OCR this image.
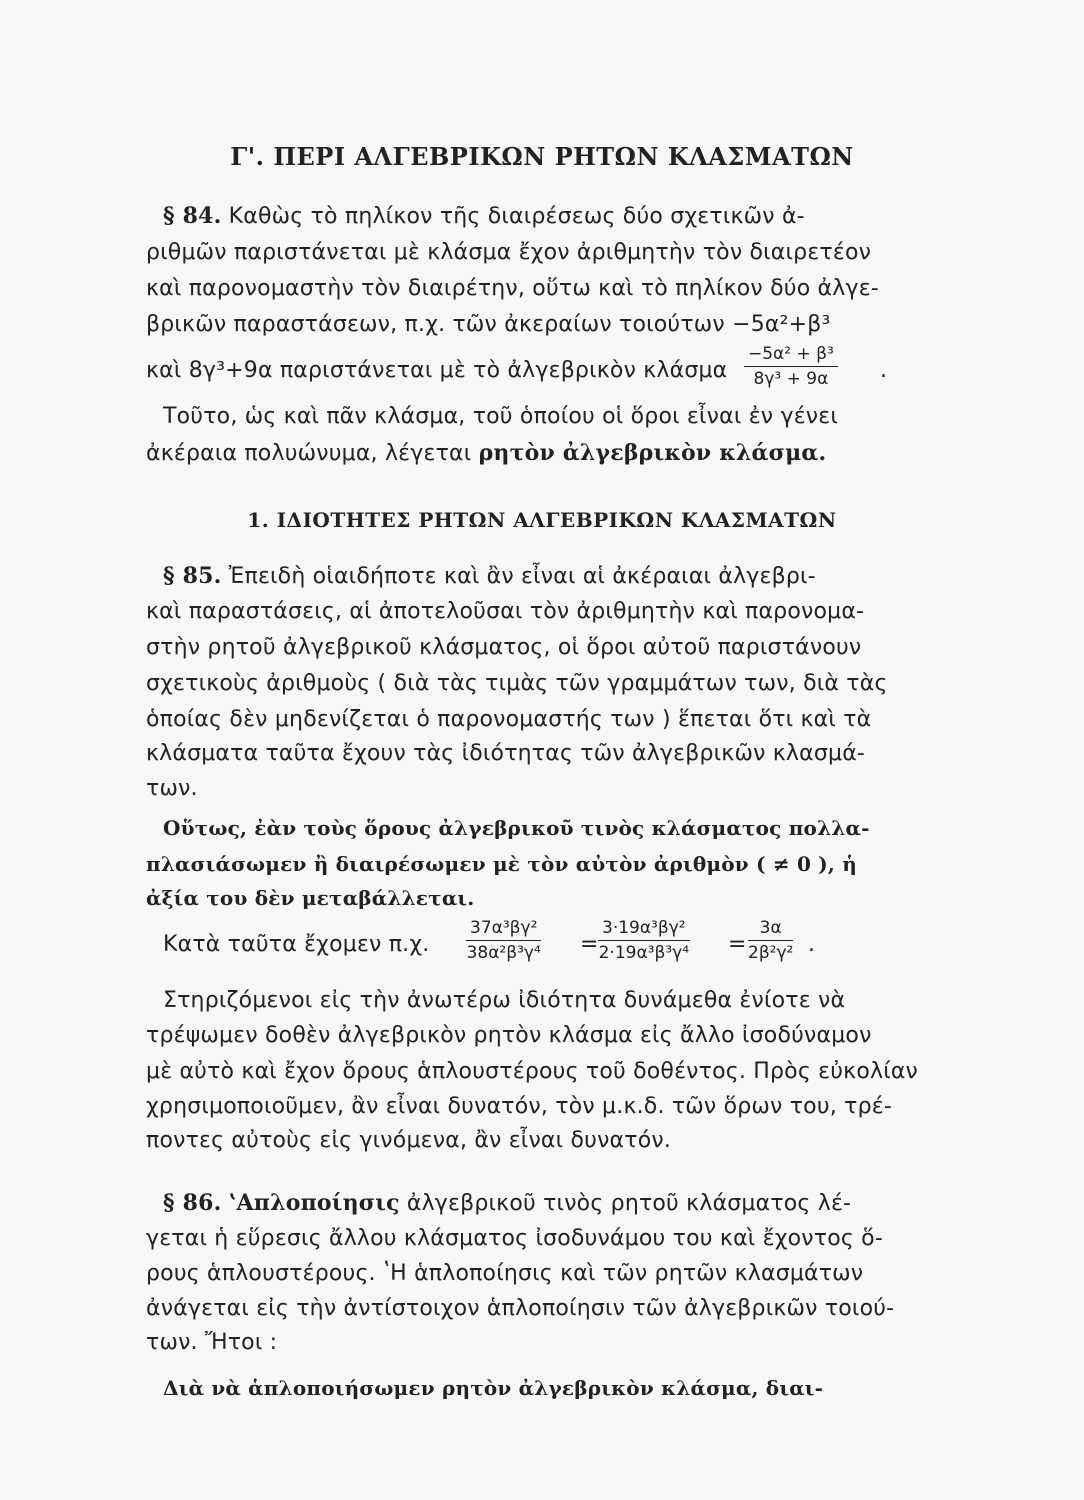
Γ'. ΠΕΡΙ ΑΛΓΕΒΡΙΚΩΝ ΡΗΤΩΝ ΚΛΑΣΜΑΤΩΝ
§ 84. Καθὼς τὸ πηλίκον τῆς διαιρέσεως δύο σχετικῶν ἀ-
ριθμῶν παριστάνεται μὲ κλάσμα ἔχον ἀριθμητὴν τὸν διαιρετέον
καὶ παρονομαστὴν τὸν διαιρέτην, οὕτω καὶ τὸ πηλίκον δύο ἀλγε-
βρικῶν παραστάσεων, π.χ. τῶν ἀκεραίων τοιούτων −5α²+β³
καὶ 8γ³+9α παριστάνεται μὲ τὸ ἀλγεβρικὸν κλάσμα $\frac{\text{−5α² + β³}}{\text{8γ³ + 9α}}$ .
Τοῦτο, ὡς καὶ πᾶν κλάσμα, τοῦ ὁποίου οἱ ὅροι εἶναι ἐν γένει
ἀκέραια πολυώνυμα, λέγεται ρητὸν ἀλγεβρικὸν κλάσμα.
1. ΙΔΙΟΤΗΤΕΣ ΡΗΤΩΝ ΑΛΓΕΒΡΙΚΩΝ ΚΛΑΣΜΑΤΩΝ
§ 85. Ἐπειδὴ οἱαιδήποτε καὶ ἂν εἶναι αἱ ἀκέραιαι ἀλγεβρι-
καὶ παραστάσεις, αἱ ἀποτελοῦσαι τὸν ἀριθμητὴν καὶ παρονομα-
στὴν ρητοῦ ἀλγεβρικοῦ κλάσματος, οἱ ὅροι αὐτοῦ παριστάνουν
σχετικοὺς ἀριθμοὺς ( διὰ τὰς τιμὰς τῶν γραμμάτων των, διὰ τὰς
ὁποίας δὲν μηδενίζεται ὁ παρονομαστής των ) ἕπεται ὅτι καὶ τὰ
κλάσματα ταῦτα ἔχουν τὰς ἰδιότητας τῶν ἀλγεβρικῶν κλασμά-
των.
Οὕτως, ἐὰν τοὺς ὅρους ἀλγεβρικοῦ τινὸς κλάσματος πολλα-
πλασιάσωμεν ἢ διαιρέσωμεν μὲ τὸν αὐτὸν ἀριθμὸν ( ≠ 0 ), ἡ
ἀξία του δὲν μεταβάλλεται.
Κατὰ ταῦτα ἔχομεν π.χ. $\frac{\text{37α³βγ²}}{\text{38α²β³γ⁴}} = \frac{\text{3·19α³βγ²}}{\text{2·19α³β³γ⁴}} = \frac{3\alpha}{\text{2β²γ²}}$ .
Στηριζόμενοι εἰς τὴν ἀνωτέρω ἰδιότητα δυνάμεθα ἐνίοτε νὰ
τρέψωμεν δοθὲν ἀλγεβρικὸν ρητὸν κλάσμα εἰς ἄλλο ἰσοδύναμον
μὲ αὐτὸ καὶ ἔχον ὅρους ἁπλουστέρους τοῦ δοθέντος. Πρὸς εὐκολίαν
χρησιμοποιοῦμεν, ἂν εἶναι δυνατόν, τὸν μ.κ.δ. τῶν ὅρων του, τρέ-
ποντες αὐτοὺς εἰς γινόμενα, ἂν εἶναι δυνατόν.
§ 86. ʽΑπλοποίησις ἀλγεβρικοῦ τινὸς ρητοῦ κλάσματος λέ-
γεται ἡ εὕρεσις ἄλλου κλάσματος ἰσοδυνάμου του καὶ ἔχοντος ὅ-
ρους ἁπλουστέρους. ʽΗ ἁπλοποίησις καὶ τῶν ρητῶν κλασμάτων
ἀνάγεται εἰς τὴν ἀντίστοιχον ἁπλοποίησιν τῶν ἀλγεβρικῶν τοιού-
των. Ἤτοι :
Διὰ νὰ ἁπλοποιήσωμεν ρητὸν ἀλγεβρικὸν κλάσμα, διαι-
